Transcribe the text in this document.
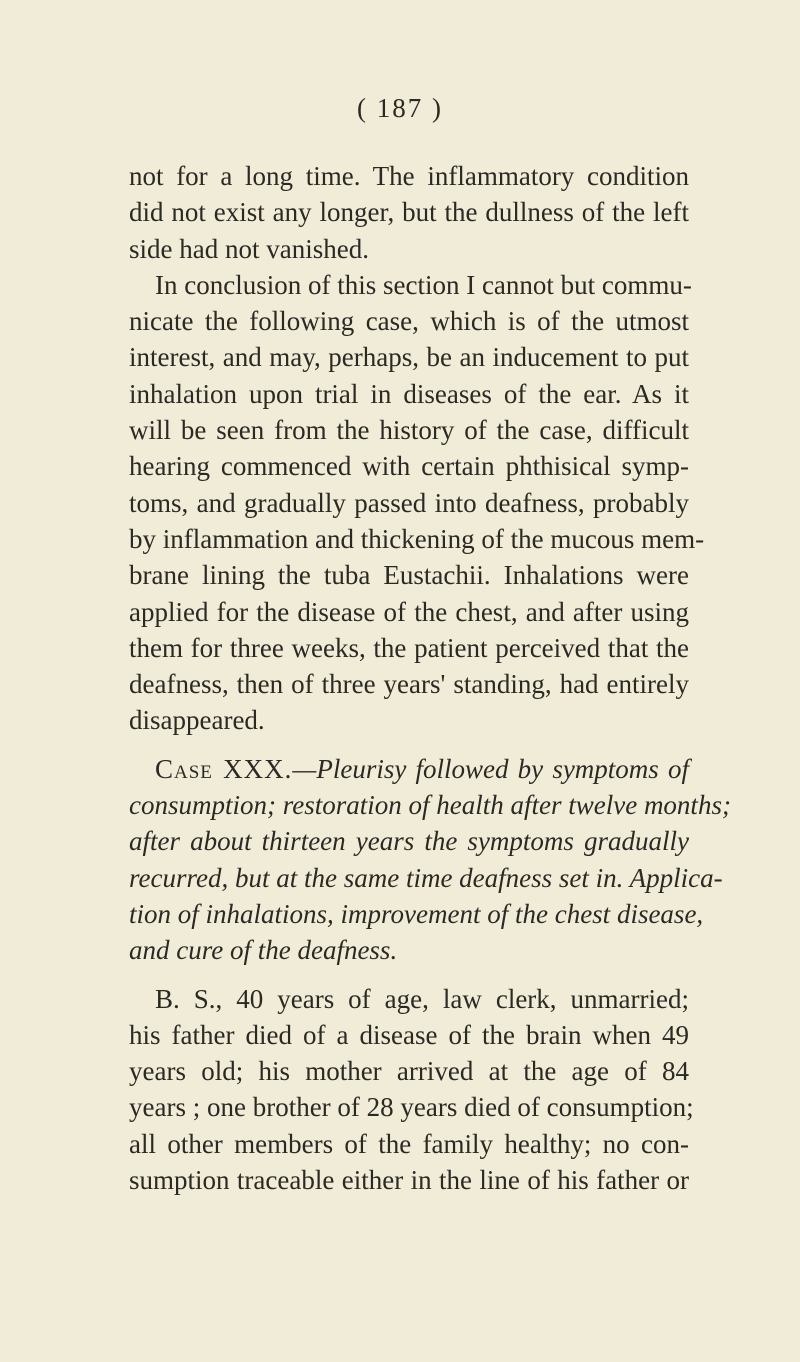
( 187 )
not for a long time. The inflammatory condition
did not exist any longer, but the dullness of the left
side had not vanished.
In conclusion of this section I cannot but commu-
nicate the following case, which is of the utmost
interest, and may, perhaps, be an inducement to put
inhalation upon trial in diseases of the ear. As it
will be seen from the history of the case, difficult
hearing commenced with certain phthisical symp-
toms, and gradually passed into deafness, probably
by inflammation and thickening of the mucous mem-
brane lining the tuba Eustachii. Inhalations were
applied for the disease of the chest, and after using
them for three weeks, the patient perceived that the
deafness, then of three years' standing, had entirely
disappeared.
Case XXX.—Pleurisy followed by symptoms of
consumption; restoration of health after twelve months;
after about thirteen years the symptoms gradually
recurred, but at the same time deafness set in. Applica-
tion of inhalations, improvement of the chest disease,
and cure of the deafness.
B. S., 40 years of age, law clerk, unmarried;
his father died of a disease of the brain when 49
years old; his mother arrived at the age of 84
years ; one brother of 28 years died of consumption;
all other members of the family healthy; no con-
sumption traceable either in the line of his father or
